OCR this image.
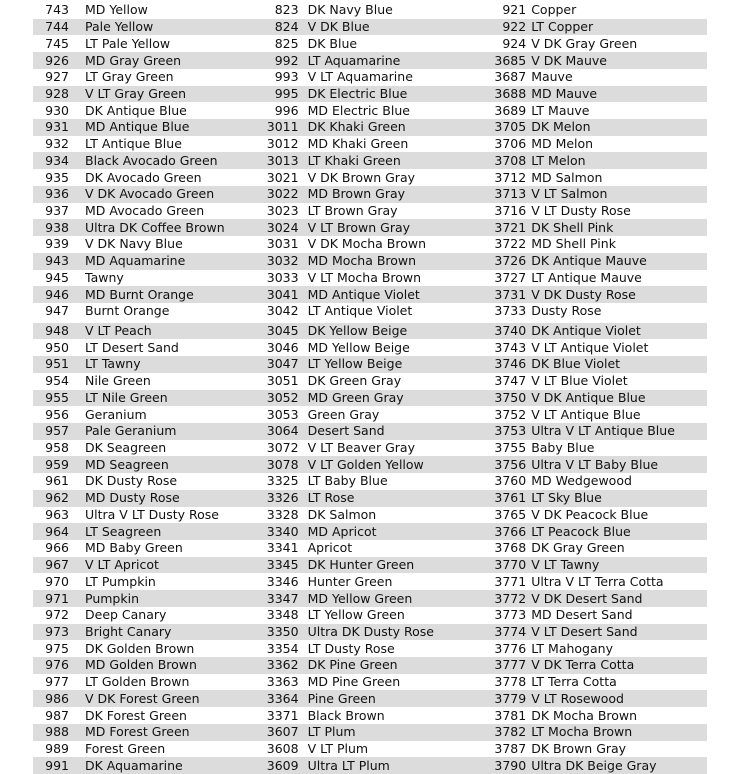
743	MD Yellow	823 DK Navy Blue	921 Copper
744	Pale Yellow	824 V DK Blue	922 LT Copper
745	LT Pale Yellow	825 DK Blue	924 V DK Gray Green
926	MD Gray Green	992 LT Aquamarine	3685 V DK Mauve
927	LT Gray Green	993 V LT Aquamarine	3687 Mauve
928	V LT Gray Green	995 DK Electric Blue	3688 MD Mauve
930	DK Antique Blue	996 MD Electric Blue	3689 LT Mauve
931	MD Antique Blue	3011 DK Khaki Green	3705 DK Melon
932	LT Antique Blue	3012 MD Khaki Green	3706 MD Melon
934	Black Avocado Green	3013 LT Khaki Green	3708 LT Melon
935	DK Avocado Green	3021 V DK Brown Gray	3712 MD Salmon
936	V DK Avocado Green	3022 MD Brown Gray	3713 V LT Salmon
937	MD Avocado Green	3023 LT Brown Gray	3716 V LT Dusty Rose
938	Ultra DK Coffee Brown	3024 V LT Brown Gray	3721 DK Shell Pink
939	V DK Navy Blue	3031 V DK Mocha Brown	3722 MD Shell Pink
943	MD Aquamarine	3032 MD Mocha Brown	3726 DK Antique Mauve
945	Tawny	3033 V LT Mocha Brown	3727 LT Antique Mauve
946	MD Burnt Orange	3041 MD Antique Violet	3731 V DK Dusty Rose
947	Burnt Orange	3042 LT Antique Violet	3733 Dusty Rose
948	V LT Peach	3045 DK Yellow Beige	3740 DK Antique Violet
950	LT Desert Sand	3046 MD Yellow Beige	3743 V LT Antique Violet
951	LT Tawny	3047 LT Yellow Beige	3746 DK Blue Violet
954	Nile Green	3051 DK Green Gray	3747 V LT Blue Violet
955	LT Nile Green	3052 MD Green Gray	3750 V DK Antique Blue
956	Geranium	3053 Green Gray	3752 V LT Antique Blue
957	Pale Geranium	3064 Desert Sand	3753 Ultra V LT Antique Blue
958	DK Seagreen	3072 V LT Beaver Gray	3755 Baby Blue
959	MD Seagreen	3078 V LT Golden Yellow	3756 Ultra V LT Baby Blue
961	DK Dusty Rose	3325 LT Baby Blue	3760 MD Wedgewood
962	MD Dusty Rose	3326 LT Rose	3761 LT Sky Blue
963	Ultra V LT Dusty Rose	3328 DK Salmon	3765 V DK Peacock Blue
964	LT Seagreen	3340 MD Apricot	3766 LT Peacock Blue
966	MD Baby Green	3341 Apricot	3768 DK Gray Green
967	V LT Apricot	3345 DK Hunter Green	3770 V LT Tawny
970	LT Pumpkin	3346 Hunter Green	3771 Ultra V LT Terra Cotta
971	Pumpkin	3347 MD Yellow Green	3772 V DK Desert Sand
972	Deep Canary	3348 LT Yellow Green	3773 MD Desert Sand
973	Bright Canary	3350 Ultra DK Dusty Rose	3774 V LT Desert Sand
975	DK Golden Brown	3354 LT Dusty Rose	3776 LT Mahogany
976	MD Golden Brown	3362 DK Pine Green	3777 V DK Terra Cotta
977	LT Golden Brown	3363 MD Pine Green	3778 LT Terra Cotta
986	V DK Forest Green	3364 Pine Green	3779 V LT Rosewood
987	DK Forest Green	3371 Black Brown	3781 DK Mocha Brown
988	MD Forest Green	3607 LT Plum	3782 LT Mocha Brown
989	Forest Green	3608 V LT Plum	3787 DK Brown Gray
991	DK Aquamarine	3609 Ultra LT Plum	3790 Ultra DK Beige Gray
